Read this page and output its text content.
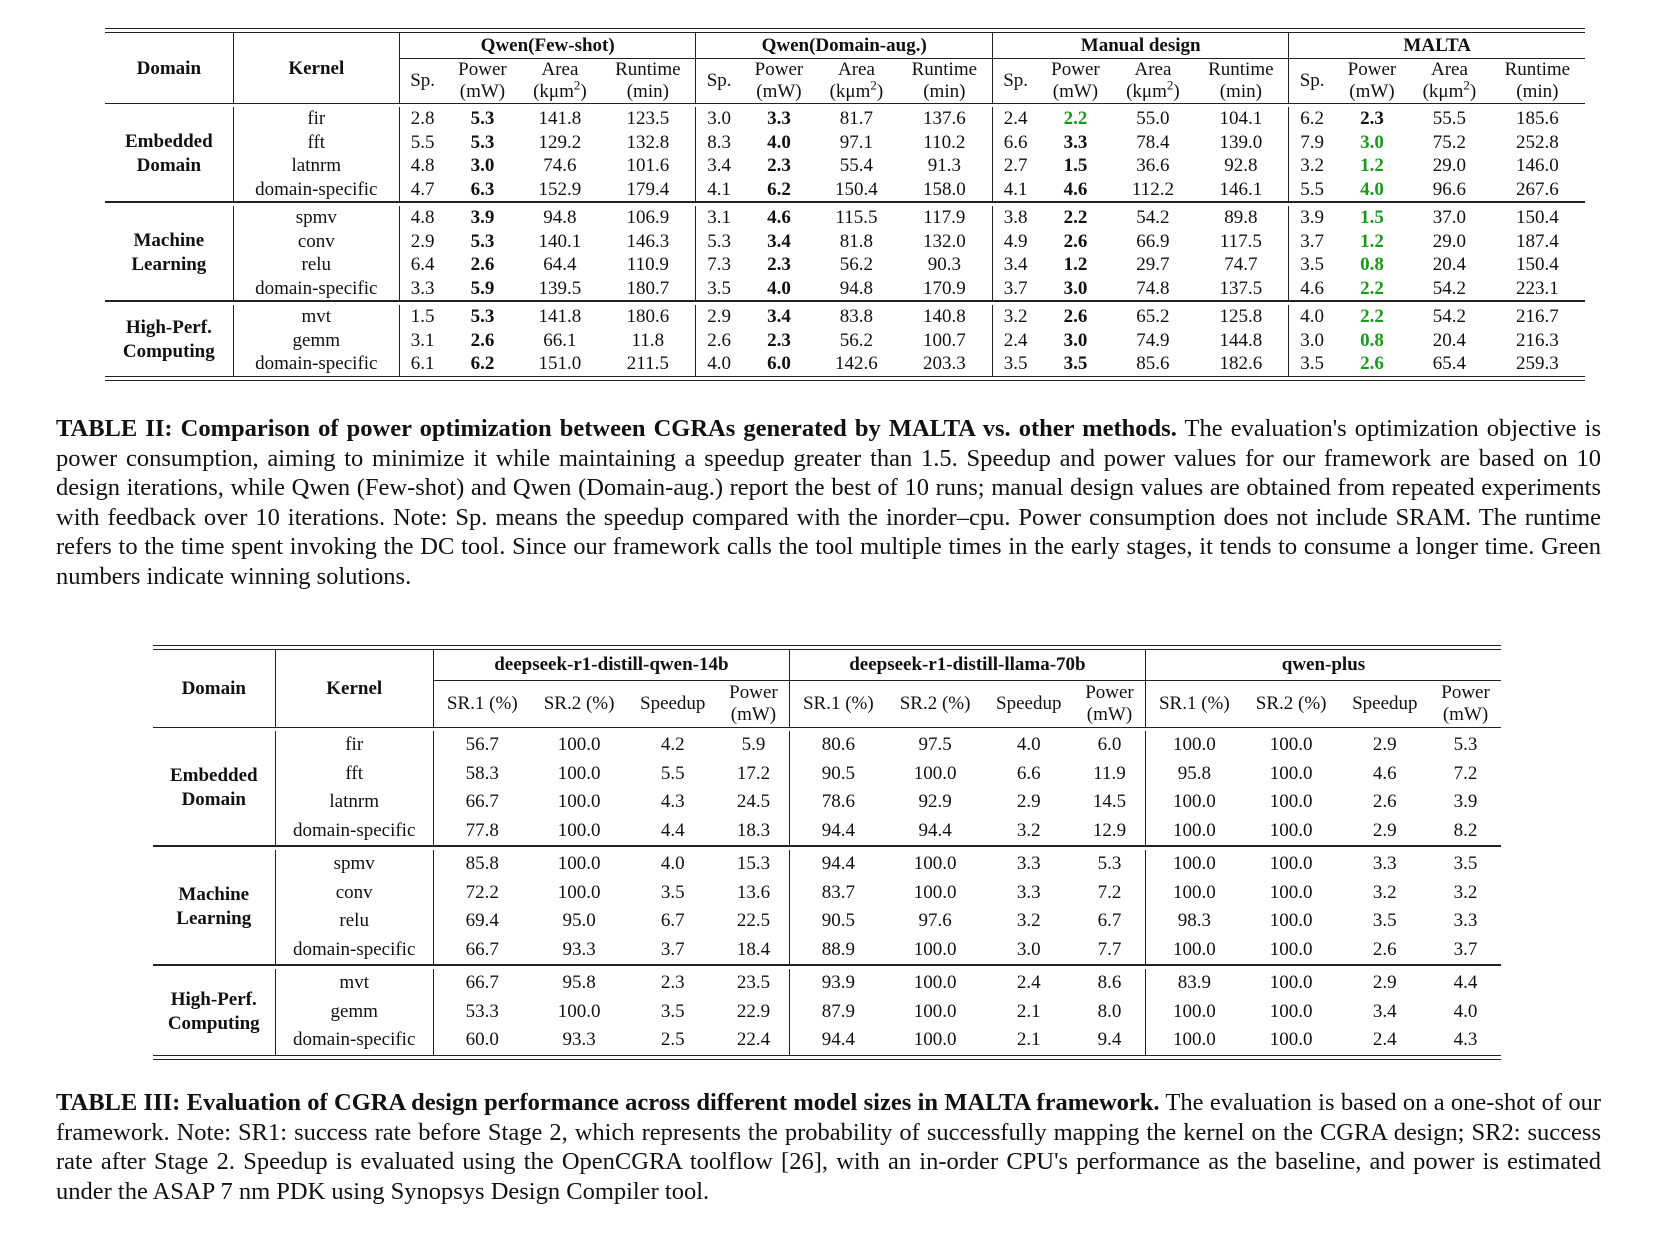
Domain	Kernel	Qwen(Few-shot)				Qwen(Domain-aug.)				Manual design				MALTA			
		Sp.	Power
(mW)	Area
(kμm$^2$)	Runtime
(min)	Sp.	Power
(mW)	Area
(kμm$^2$)	Runtime
(min)	Sp.	Power
(mW)	Area
(kμm$^2$)	Runtime
(min)	Sp.	Power
(mW)	Area
(kμm$^2$)	Runtime
(min)

Embedded
Domain	fir	2.8	5.3	141.8	123.5	3.0	3.3	81.7	137.6	2.4	2.2	55.0	104.1	6.2	2.3	55.5	185.6
	fft	5.5	5.3	129.2	132.8	8.3	4.0	97.1	110.2	6.6	3.3	78.4	139.0	7.9	3.0	75.2	252.8
	latnrm	4.8	3.0	74.6	101.6	3.4	2.3	55.4	91.3	2.7	1.5	36.6	92.8	3.2	1.2	29.0	146.0
	domain-specific	4.7	6.3	152.9	179.4	4.1	6.2	150.4	158.0	4.1	4.6	112.2	146.1	5.5	4.0	96.6	267.6

Machine
Learning	spmv	4.8	3.9	94.8	106.9	3.1	4.6	115.5	117.9	3.8	2.2	54.2	89.8	3.9	1.5	37.0	150.4
	conv	2.9	5.3	140.1	146.3	5.3	3.4	81.8	132.0	4.9	2.6	66.9	117.5	3.7	1.2	29.0	187.4
	relu	6.4	2.6	64.4	110.9	7.3	2.3	56.2	90.3	3.4	1.2	29.7	74.7	3.5	0.8	20.4	150.4
	domain-specific	3.3	5.9	139.5	180.7	3.5	4.0	94.8	170.9	3.7	3.0	74.8	137.5	4.6	2.2	54.2	223.1

High-Perf.
Computing	mvt	1.5	5.3	141.8	180.6	2.9	3.4	83.8	140.8	3.2	2.6	65.2	125.8	4.0	2.2	54.2	216.7
	gemm	3.1	2.6	66.1	11.8	2.6	2.3	56.2	100.7	2.4	3.0	74.9	144.8	3.0	0.8	20.4	216.3
	domain-specific	6.1	6.2	151.0	211.5	4.0	6.0	142.6	203.3	3.5	3.5	85.6	182.6	3.5	2.6	65.4	259.3

TABLE II: Comparison of power optimization between CGRAs generated by MALTA vs. other methods. The evaluation's optimization objective is power consumption, aiming to minimize it while maintaining a speedup greater than 1.5. Speedup and power values for our framework are based on 10 design iterations, while Qwen (Few-shot) and Qwen (Domain-aug.) report the best of 10 runs; manual design values are obtained from repeated experiments with feedback over 10 iterations. Note: Sp. means the speedup compared with the inorder–cpu. Power consumption does not include SRAM. The runtime refers to the time spent invoking the DC tool. Since our framework calls the tool multiple times in the early stages, it tends to consume a longer time. Green numbers indicate winning solutions.

Domain	Kernel	deepseek-r1-distill-qwen-14b				deepseek-r1-distill-llama-70b				qwen-plus			
		SR.1 (%)	SR.2 (%)	Speedup	Power
(mW)	SR.1 (%)	SR.2 (%)	Speedup	Power
(mW)	SR.1 (%)	SR.2 (%)	Speedup	Power
(mW)

Embedded
Domain	fir	56.7	100.0	4.2	5.9	80.6	97.5	4.0	6.0	100.0	100.0	2.9	5.3
	fft	58.3	100.0	5.5	17.2	90.5	100.0	6.6	11.9	95.8	100.0	4.6	7.2
	latnrm	66.7	100.0	4.3	24.5	78.6	92.9	2.9	14.5	100.0	100.0	2.6	3.9
	domain-specific	77.8	100.0	4.4	18.3	94.4	94.4	3.2	12.9	100.0	100.0	2.9	8.2

Machine
Learning	spmv	85.8	100.0	4.0	15.3	94.4	100.0	3.3	5.3	100.0	100.0	3.3	3.5
	conv	72.2	100.0	3.5	13.6	83.7	100.0	3.3	7.2	100.0	100.0	3.2	3.2
	relu	69.4	95.0	6.7	22.5	90.5	97.6	3.2	6.7	98.3	100.0	3.5	3.3
	domain-specific	66.7	93.3	3.7	18.4	88.9	100.0	3.0	7.7	100.0	100.0	2.6	3.7

High-Perf.
Computing	mvt	66.7	95.8	2.3	23.5	93.9	100.0	2.4	8.6	83.9	100.0	2.9	4.4
	gemm	53.3	100.0	3.5	22.9	87.9	100.0	2.1	8.0	100.0	100.0	3.4	4.0
	domain-specific	60.0	93.3	2.5	22.4	94.4	100.0	2.1	9.4	100.0	100.0	2.4	4.3

TABLE III: Evaluation of CGRA design performance across different model sizes in MALTA framework. The evaluation is based on a one-shot of our framework. Note: SR1: success rate before Stage 2, which represents the probability of successfully mapping the kernel on the CGRA design; SR2: success rate after Stage 2. Speedup is evaluated using the OpenCGRA toolflow [26], with an in-order CPU's performance as the baseline, and power is estimated under the ASAP 7 nm PDK using Synopsys Design Compiler tool.
